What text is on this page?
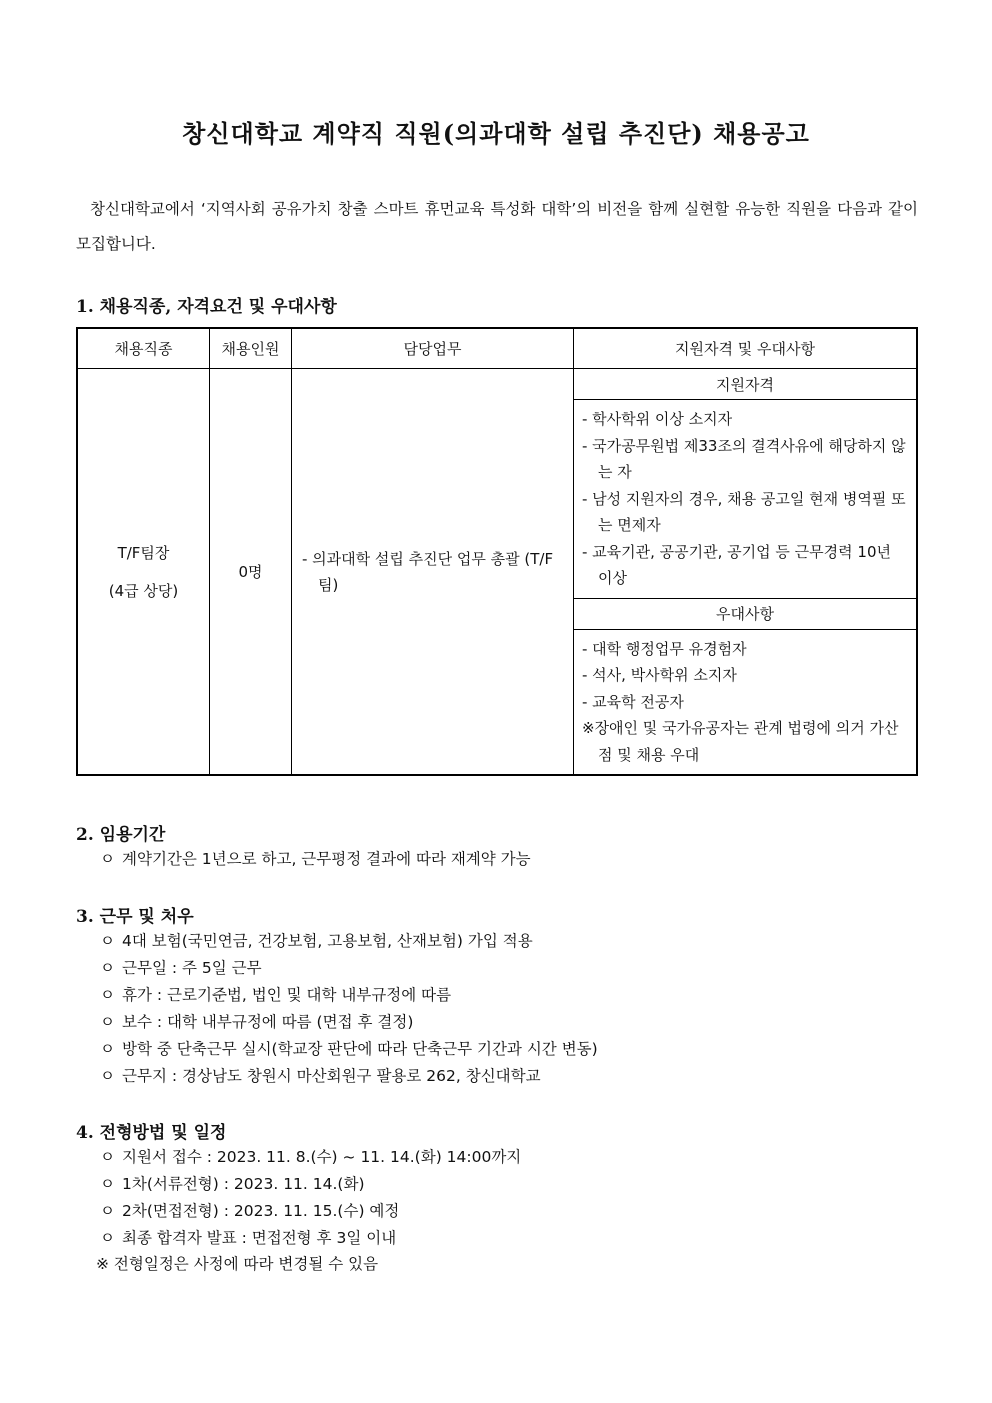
창신대학교 계약직 직원(의과대학 설립 추진단) 채용공고
창신대학교에서 ‘지역사회 공유가치 창출 스마트 휴먼교육 특성화 대학’의 비전을 함께 실현할 유능한 직원을 다음과 같이 모집합니다.
1. 채용직종, 자격요건 및 우대사항
채용직종	채용인원	담당업무	지원자격 및 우대사항

T/F팀장
(4급 상당)	0명	- 의과대학 설립 추진단 업무 총괄 (T/F팀)	지원자격

			- 학사학위 이상 소지자
- 국가공무원법 제33조의 결격사유에 해당하지 않는 자
- 남성 지원자의 경우, 채용 공고일 현재 병역필 또는 면제자
- 교육기관, 공공기관, 공기업 등 근무경력 10년 이상

			우대사항

			- 대학 행정업무 유경험자
- 석사, 박사학위 소지자
- 교육학 전공자
※장애인 및 국가유공자는 관계 법령에 의거 가산점 및 채용 우대
2. 임용기간
ㅇ 계약기간은 1년으로 하고, 근무평정 결과에 따라 재계약 가능
3. 근무 및 처우
ㅇ 4대 보험(국민연금, 건강보험, 고용보험, 산재보험) 가입 적용
ㅇ 근무일 : 주 5일 근무
ㅇ 휴가 : 근로기준법, 법인 및 대학 내부규정에 따름
ㅇ 보수 : 대학 내부규정에 따름 (면접 후 결정)
ㅇ 방학 중 단축근무 실시(학교장 판단에 따라 단축근무 기간과 시간 변동)
ㅇ 근무지 : 경상남도 창원시 마산회원구 팔용로 262, 창신대학교
4. 전형방법 및 일정
ㅇ 지원서 접수 : 2023. 11. 8.(수) ~ 11. 14.(화) 14:00까지
ㅇ 1차(서류전형) : 2023. 11. 14.(화)
ㅇ 2차(면접전형) : 2023. 11. 15.(수) 예정
ㅇ 최종 합격자 발표 : 면접전형 후 3일 이내
※ 전형일정은 사정에 따라 변경될 수 있음
